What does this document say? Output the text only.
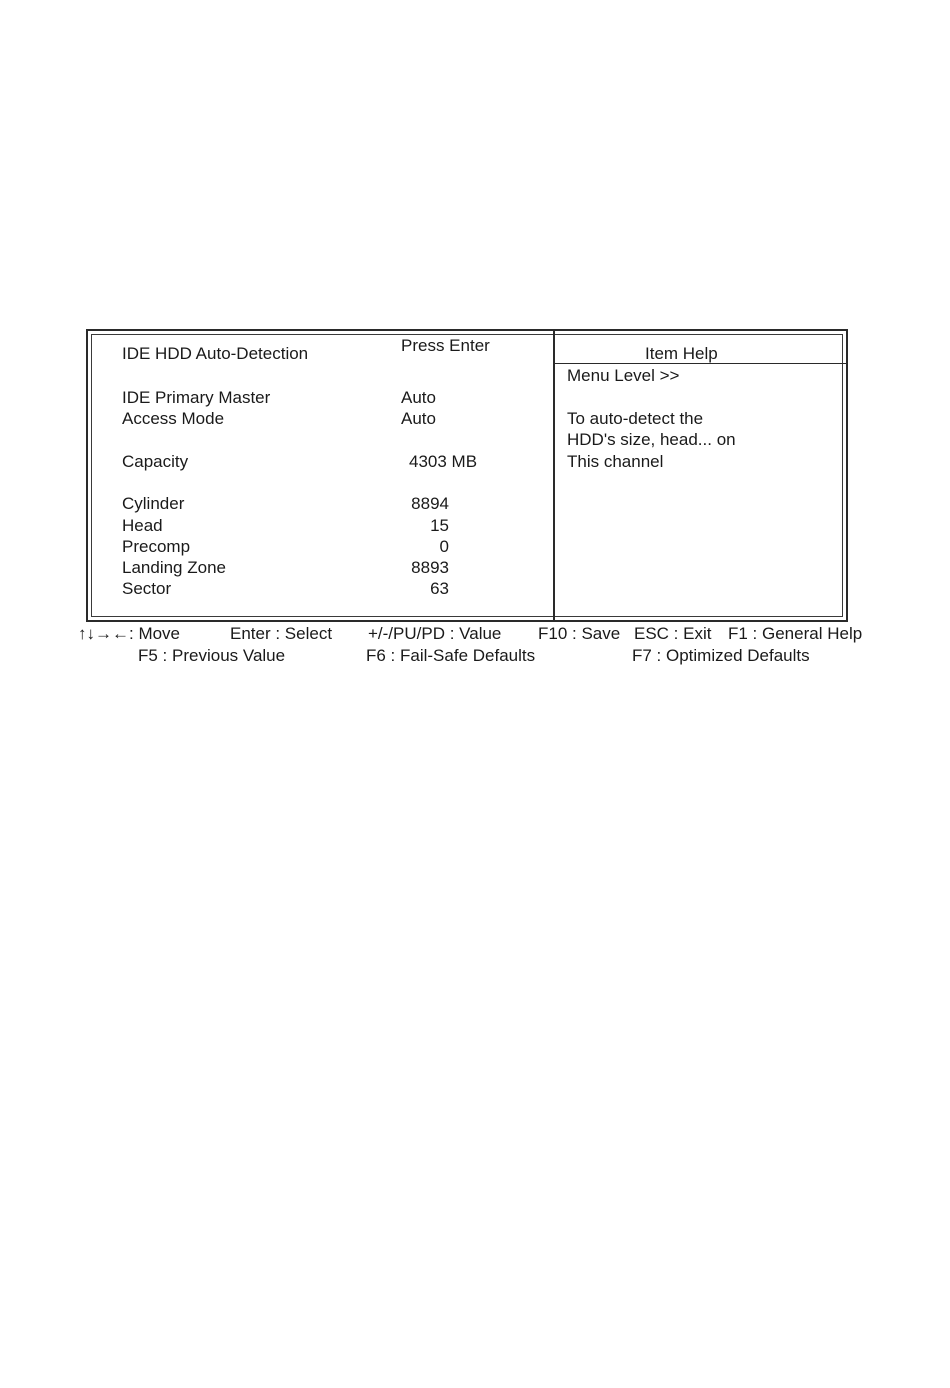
IDE HDD Auto-Detection	Press Enter
IDE Primary Master	Auto
Access Mode	Auto
Capacity	4303 MB
Cylinder	8894
Head	15
Precomp	0
Landing Zone	8893
Sector	63
Item Help
Menu Level >>
To auto-detect the
HDD's size, head... on
This channel
↑↓→←: Move	Enter : Select +/-/PU/PD : Value F10 : Save ESC : Exit F1 : General Help
F5 : Previous Value	F6 : Fail-Safe Defaults	F7 : Optimized Defaults
